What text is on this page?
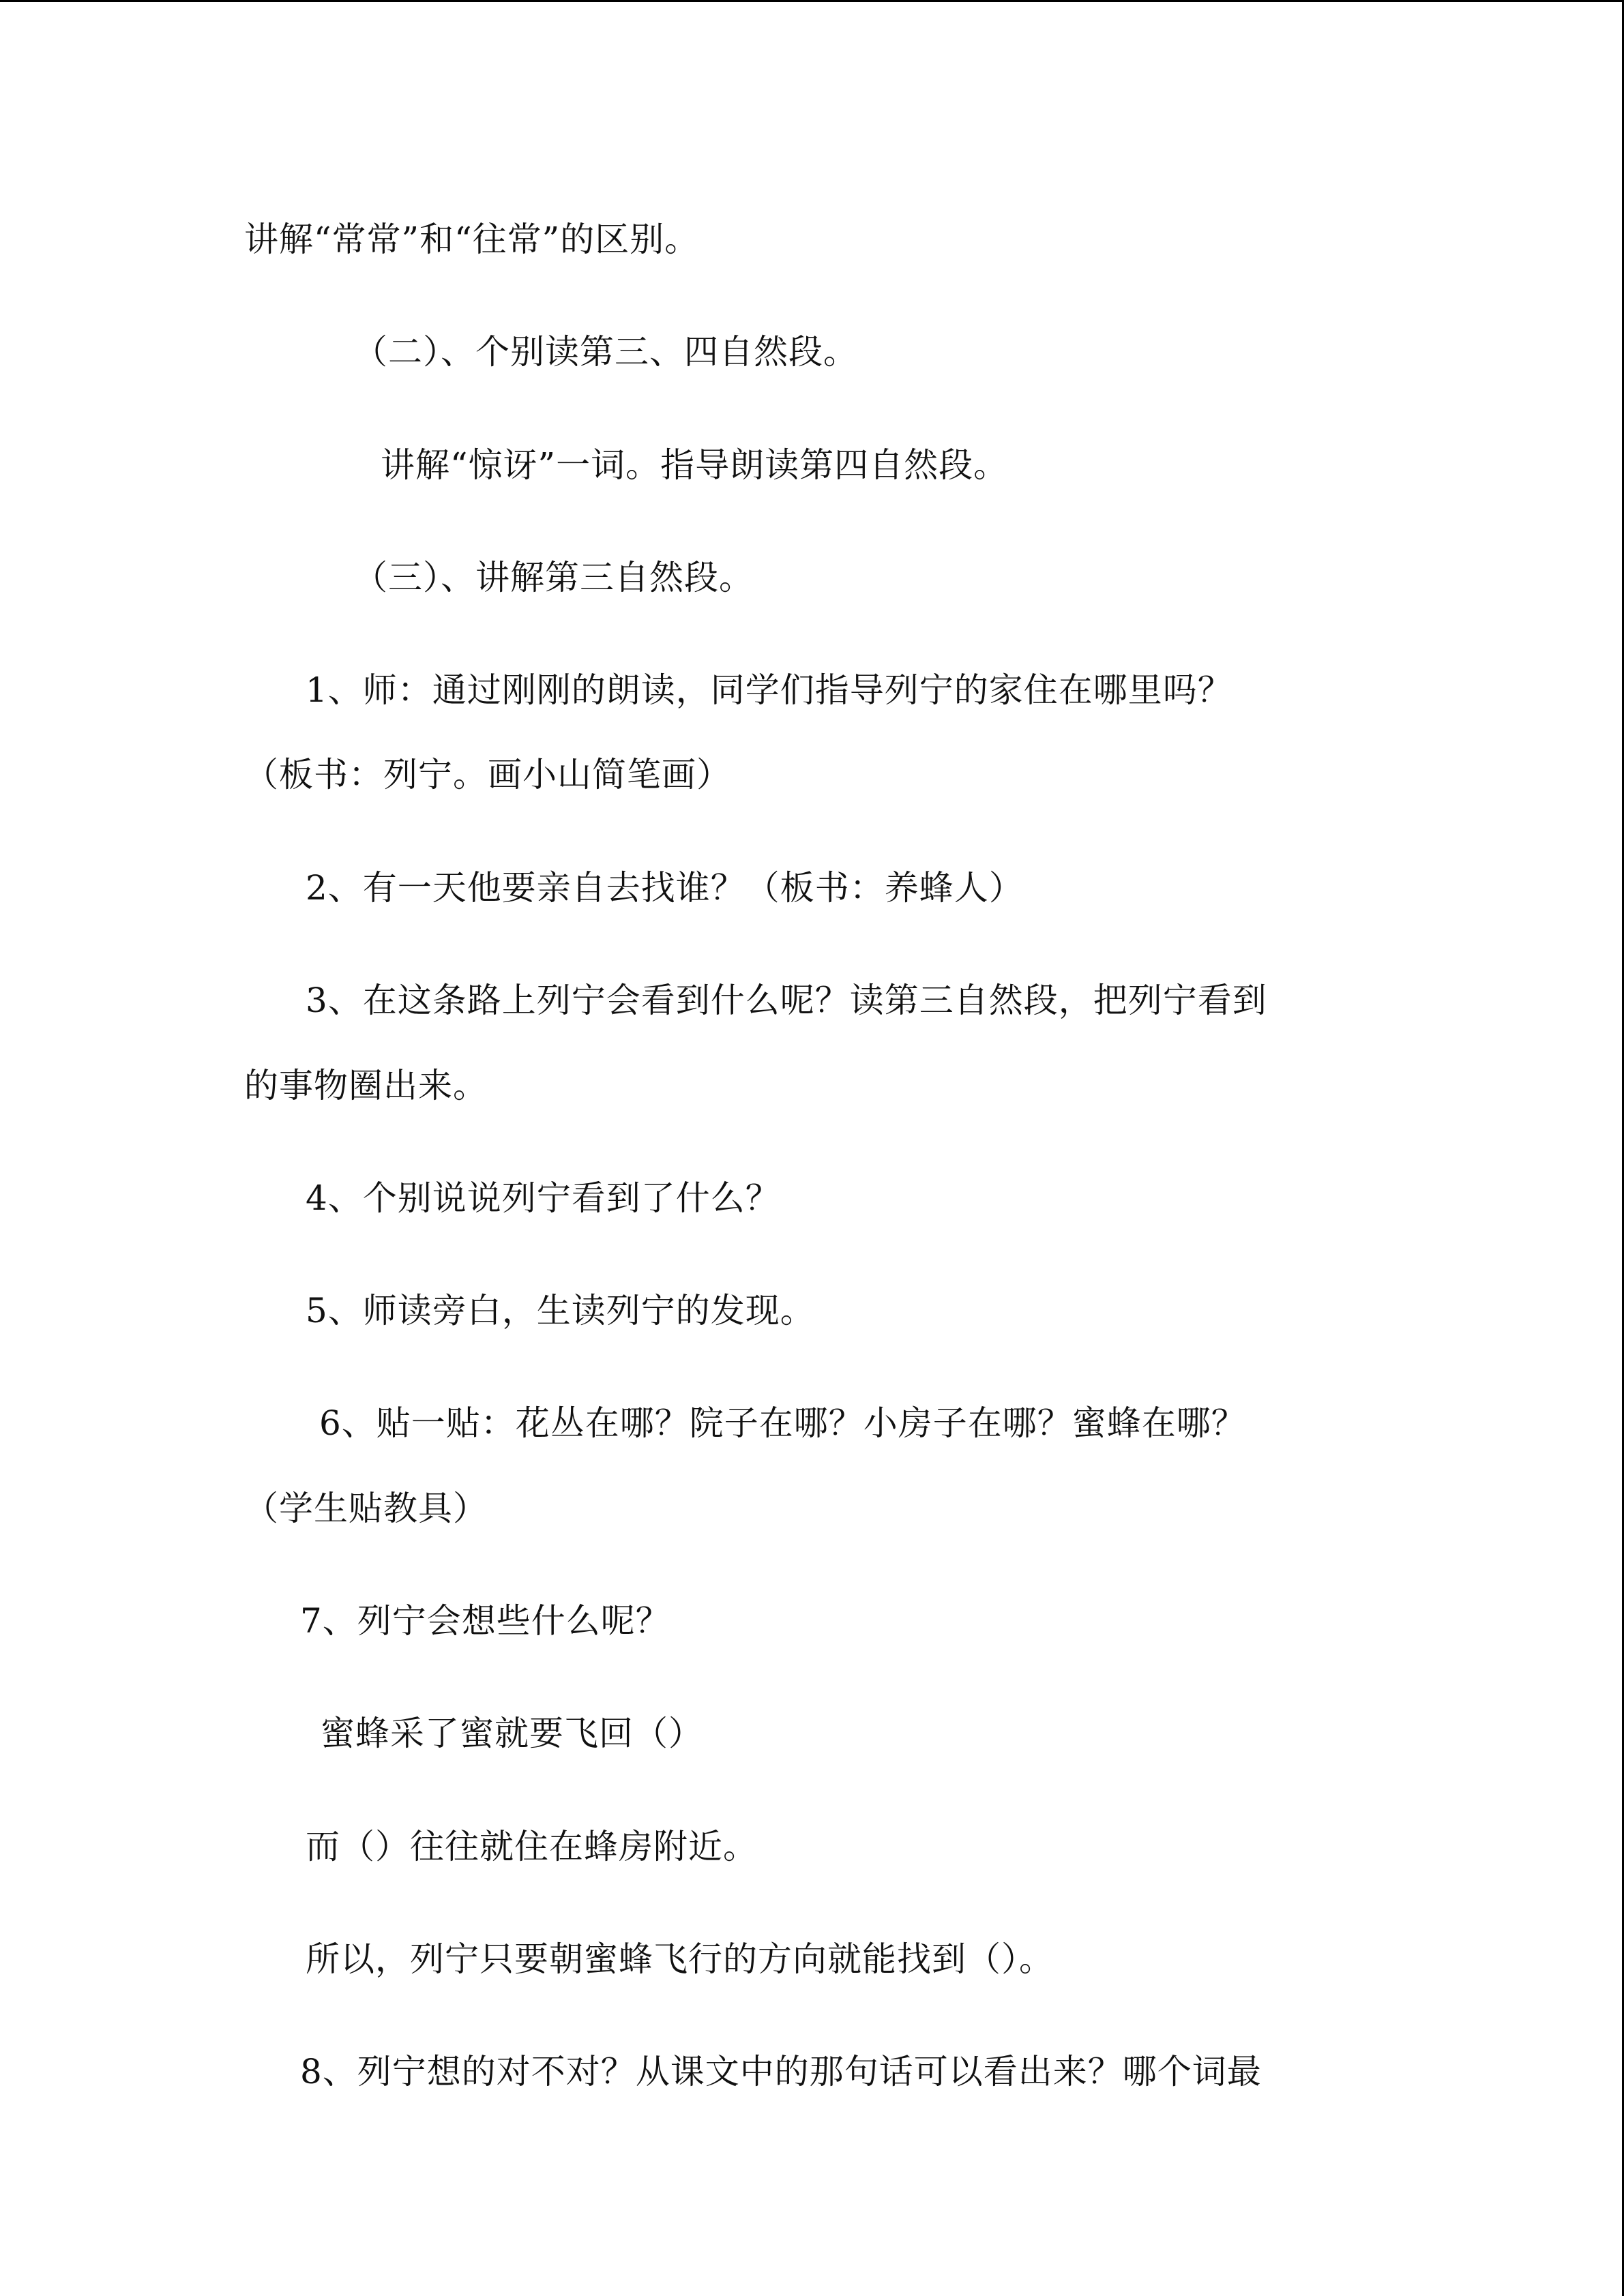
讲解“常常”和“往常”的区别。
（二）、个别读第三、四自然段。
讲解“惊讶”一词。指导朗读第四自然段。
（三）、讲解第三自然段。
1、师：通过刚刚的朗读，同学们指导列宁的家住在哪里吗？
（板书：列宁。画小山简笔画）
2、有一天他要亲自去找谁？（板书：养蜂人）
3、在这条路上列宁会看到什么呢？读第三自然段，把列宁看到
的事物圈出来。
4、个别说说列宁看到了什么？
5、师读旁白，生读列宁的发现。
6、贴一贴：花丛在哪？院子在哪？小房子在哪？蜜蜂在哪？
（学生贴教具）
7、列宁会想些什么呢？
蜜蜂采了蜜就要飞回（）
而（）往往就住在蜂房附近。
所以，列宁只要朝蜜蜂飞行的方向就能找到（）。
8、列宁想的对不对？从课文中的那句话可以看出来？哪个词最
